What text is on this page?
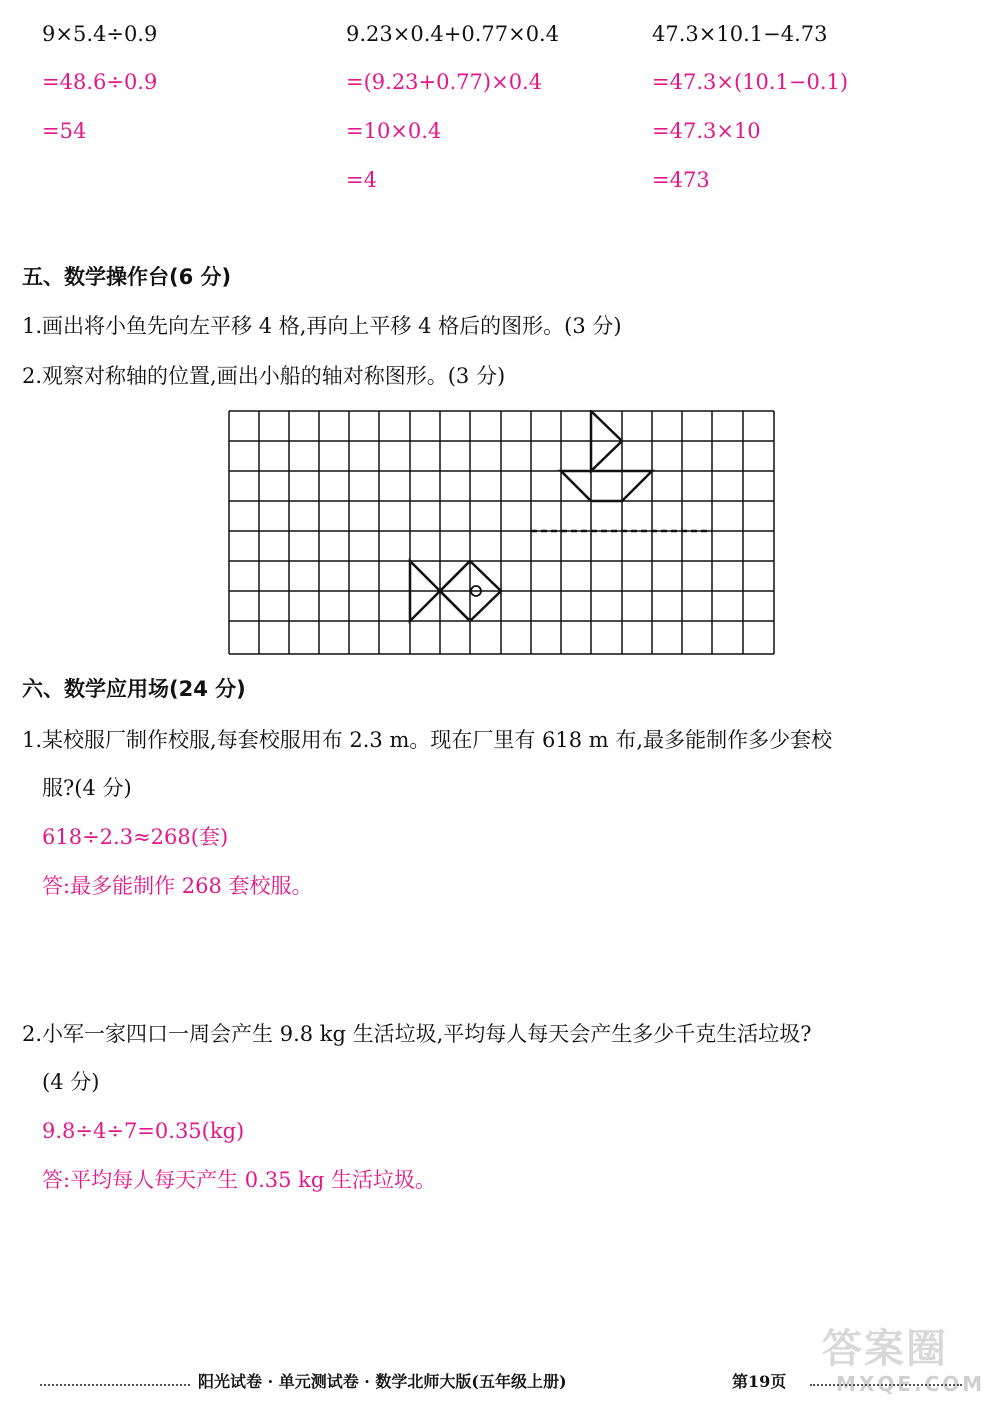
9×5.4÷0.9
=48.6÷0.9
=54
9.23×0.4+0.77×0.4
=(9.23+0.77)×0.4
=10×0.4
=4
47.3×10.1−4.73
=47.3×(10.1−0.1)
=47.3×10
=473
五、数学操作台(6 分)
1.画出将小鱼先向左平移 4 格,再向上平移 4 格后的图形。(3 分)
2.观察对称轴的位置,画出小船的轴对称图形。(3 分)
六、数学应用场(24 分)
1.某校服厂制作校服,每套校服用布 2.3 m。现在厂里有 618 m 布,最多能制作多少套校
服?(4 分)
618÷2.3≈268(套)
答:最多能制作 268 套校服。
2.小军一家四口一周会产生 9.8 kg 生活垃圾,平均每人每天会产生多少千克生活垃圾?
(4 分)
9.8÷4÷7=0.35(kg)
答:平均每人每天产生 0.35 kg 生活垃圾。
答案圈
MXQE.COM
阳光试卷 · 单元测试卷 · 数学北师大版(五年级上册)	第19页
